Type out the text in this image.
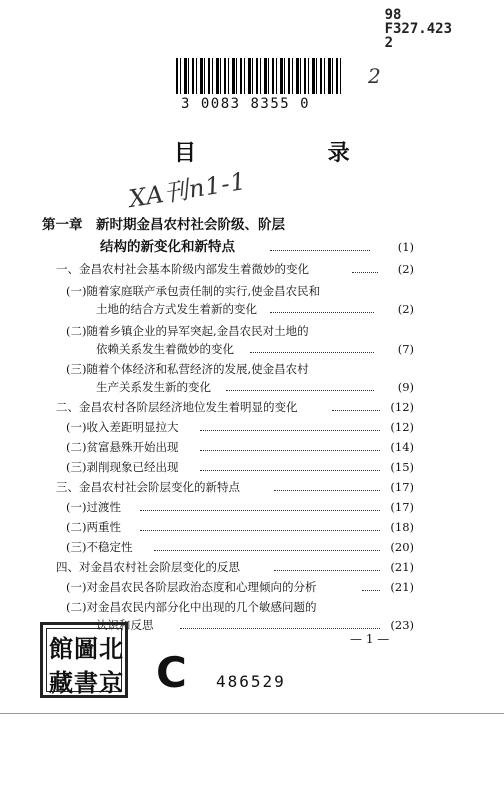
98
F327.423
2
2
3 0083 8355 0
目 录
XA刊n1-1
第一章　新时期金昌农村社会阶级、阶层
结构的新变化和新特点	(1)
一、金昌农村社会基本阶级内部发生着微妙的变化	(2)
(一)随着家庭联产承包责任制的实行,使金昌农民和
土地的结合方式发生着新的变化	(2)
(二)随着乡镇企业的异军突起,金昌农民对土地的
依赖关系发生着微妙的变化	(7)
(三)随着个体经济和私营经济的发展,使金昌农村
生产关系发生新的变化	(9)
二、金昌农村各阶层经济地位发生着明显的变化	(12)
(一)收入差距明显拉大	(12)
(二)贫富悬殊开始出现	(14)
(三)剥削现象已经出现	(15)
三、金昌农村社会阶层变化的新特点	(17)
(一)过渡性	(17)
(二)两重性	(18)
(三)不稳定性	(20)
四、对金昌农村社会阶层变化的反思	(21)
(一)对金昌农民各阶层政治态度和心理倾向的分析	(21)
(二)对金昌农民内部分化中出现的几个敏感问题的
认识和反思	(23)
— 1 —
館圖北
藏書京 C 486529
